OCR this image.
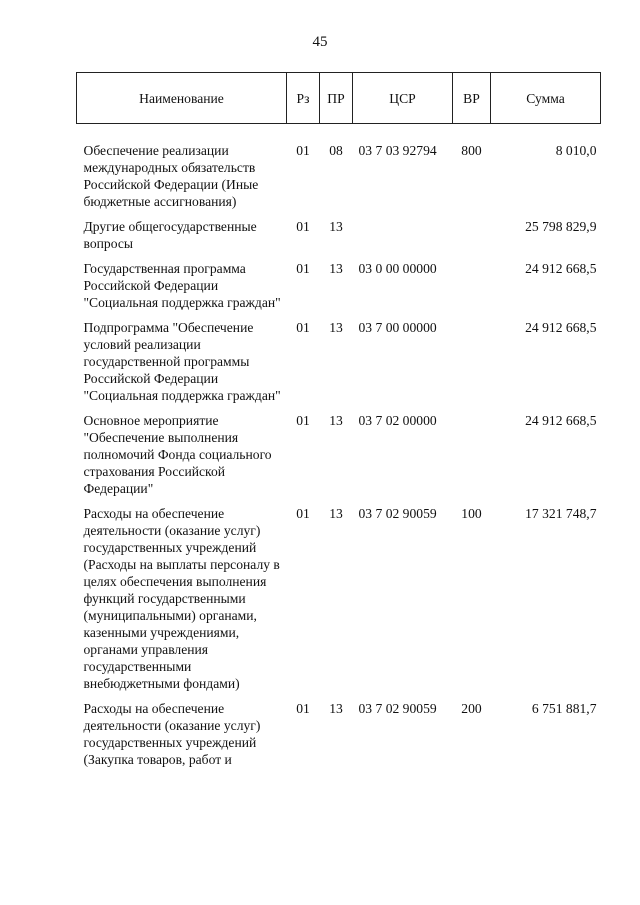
45
Наименование	Рз	ПР	ЦСР	ВР	Сумма
Обеспечение реализации международных обязательств Российской Федерации (Иные бюджетные ассигнования)	01	08	03 7 03 92794	800	8 010,0
Другие общегосударственные вопросы	01	13			25 798 829,9
Государственная программа Российской Федерации "Социальная поддержка граждан"	01	13	03 0 00 00000		24 912 668,5
Подпрограмма "Обеспечение условий реализации государственной программы Российской Федерации "Социальная поддержка граждан"	01	13	03 7 00 00000		24 912 668,5
Основное мероприятие "Обеспечение выполнения полномочий Фонда социального страхования Российской Федерации"	01	13	03 7 02 00000		24 912 668,5
Расходы на обеспечение деятельности (оказание услуг) государственных учреждений (Расходы на выплаты персоналу в целях обеспечения выполнения функций государственными (муниципальными) органами, казенными учреждениями, органами управления государственными внебюджетными фондами)	01	13	03 7 02 90059	100	17 321 748,7
Расходы на обеспечение деятельности (оказание услуг) государственных учреждений (Закупка товаров, работ и	01	13	03 7 02 90059	200	6 751 881,7
